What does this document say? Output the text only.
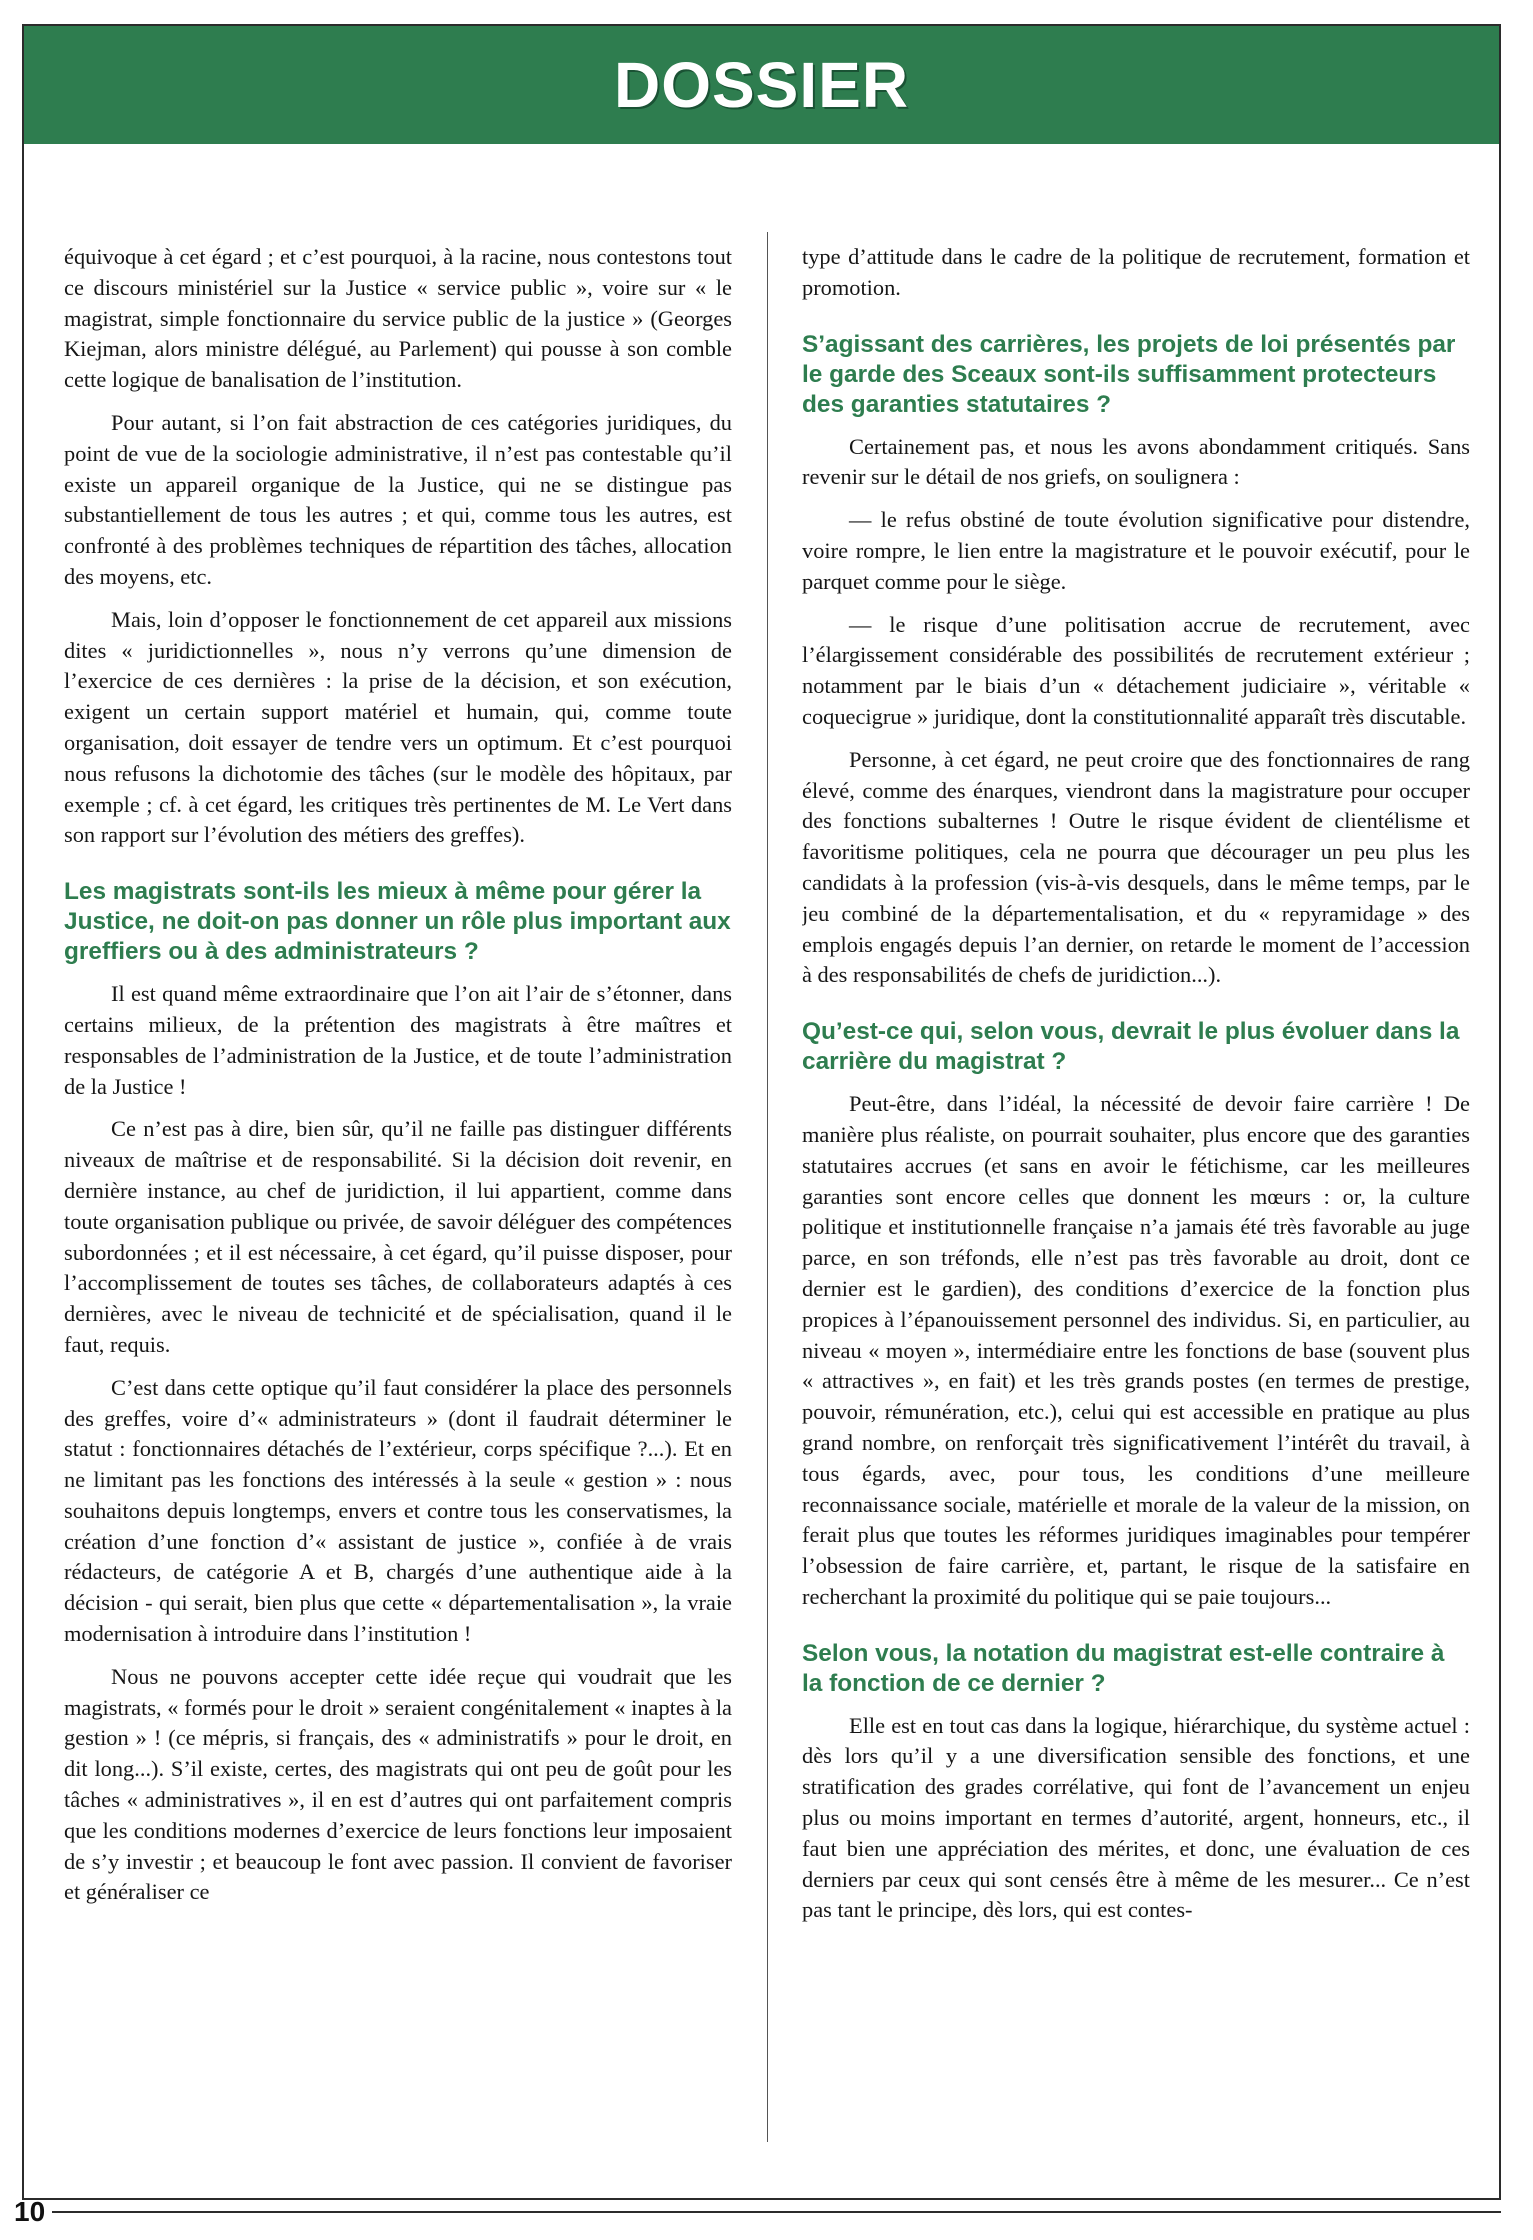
DOSSIER

équivoque à cet égard ; et c’est pourquoi, à la racine, nous contestons tout ce discours ministériel sur la Justice « service public », voire sur « le magistrat, simple fonctionnaire du service public de la justice » (Georges Kiejman, alors ministre délégué, au Parlement) qui pousse à son comble cette logique de banalisation de l’institution.

Pour autant, si l’on fait abstraction de ces catégories juridiques, du point de vue de la sociologie administrative, il n’est pas contestable qu’il existe un appareil organique de la Justice, qui ne se distingue pas substantiellement de tous les autres ; et qui, comme tous les autres, est confronté à des problèmes techniques de répartition des tâches, allocation des moyens, etc.

Mais, loin d’opposer le fonctionnement de cet appareil aux missions dites « juridictionnelles », nous n’y verrons qu’une dimension de l’exercice de ces dernières : la prise de la décision, et son exécution, exigent un certain support matériel et humain, qui, comme toute organisation, doit essayer de tendre vers un optimum. Et c’est pourquoi nous refusons la dichotomie des tâches (sur le modèle des hôpitaux, par exemple ; cf. à cet égard, les critiques très pertinentes de M. Le Vert dans son rapport sur l’évolution des métiers des greffes).

Les magistrats sont-ils les mieux à même pour gérer la Justice, ne doit-on pas donner un rôle plus important aux greffiers ou à des administrateurs ?

Il est quand même extraordinaire que l’on ait l’air de s’étonner, dans certains milieux, de la prétention des magistrats à être maîtres et responsables de l’administration de la Justice, et de toute l’administration de la Justice !

Ce n’est pas à dire, bien sûr, qu’il ne faille pas distinguer différents niveaux de maîtrise et de responsabilité. Si la décision doit revenir, en dernière instance, au chef de juridiction, il lui appartient, comme dans toute organisation publique ou privée, de savoir déléguer des compétences subordonnées ; et il est nécessaire, à cet égard, qu’il puisse disposer, pour l’accomplissement de toutes ses tâches, de collaborateurs adaptés à ces dernières, avec le niveau de technicité et de spécialisation, quand il le faut, requis.

C’est dans cette optique qu’il faut considérer la place des personnels des greffes, voire d’« administrateurs » (dont il faudrait déterminer le statut : fonctionnaires détachés de l’extérieur, corps spécifique ?...). Et en ne limitant pas les fonctions des intéressés à la seule « gestion » : nous souhaitons depuis longtemps, envers et contre tous les conservatismes, la création d’une fonction d’« assistant de justice », confiée à de vrais rédacteurs, de catégorie A et B, chargés d’une authentique aide à la décision - qui serait, bien plus que cette « départementalisation », la vraie modernisation à introduire dans l’institution !

Nous ne pouvons accepter cette idée reçue qui voudrait que les magistrats, « formés pour le droit » seraient congénitalement « inaptes à la gestion » ! (ce mépris, si français, des « administratifs » pour le droit, en dit long...). S’il existe, certes, des magistrats qui ont peu de goût pour les tâches « administratives », il en est d’autres qui ont parfaitement compris que les conditions modernes d’exercice de leurs fonctions leur imposaient de s’y investir ; et beaucoup le font avec passion. Il convient de favoriser et généraliser ce

type d’attitude dans le cadre de la politique de recrutement, formation et promotion.

S’agissant des carrières, les projets de loi présentés par le garde des Sceaux sont-ils suffisamment protecteurs des garanties statutaires ?

Certainement pas, et nous les avons abondamment critiqués. Sans revenir sur le détail de nos griefs, on soulignera :

— le refus obstiné de toute évolution significative pour distendre, voire rompre, le lien entre la magistrature et le pouvoir exécutif, pour le parquet comme pour le siège.

— le risque d’une politisation accrue de recrutement, avec l’élargissement considérable des possibilités de recrutement extérieur ; notamment par le biais d’un « détachement judiciaire », véritable « coquecigrue » juridique, dont la constitutionnalité apparaît très discutable.

Personne, à cet égard, ne peut croire que des fonctionnaires de rang élevé, comme des énarques, viendront dans la magistrature pour occuper des fonctions subalternes ! Outre le risque évident de clientélisme et favoritisme politiques, cela ne pourra que décourager un peu plus les candidats à la profession (vis-à-vis desquels, dans le même temps, par le jeu combiné de la départementalisation, et du « repyramidage » des emplois engagés depuis l’an dernier, on retarde le moment de l’accession à des responsabilités de chefs de juridiction...).

Qu’est-ce qui, selon vous, devrait le plus évoluer dans la carrière du magistrat ?

Peut-être, dans l’idéal, la nécessité de devoir faire carrière ! De manière plus réaliste, on pourrait souhaiter, plus encore que des garanties statutaires accrues (et sans en avoir le fétichisme, car les meilleures garanties sont encore celles que donnent les mœurs : or, la culture politique et institutionnelle française n’a jamais été très favorable au juge parce, en son tréfonds, elle n’est pas très favorable au droit, dont ce dernier est le gardien), des conditions d’exercice de la fonction plus propices à l’épanouissement personnel des individus. Si, en particulier, au niveau « moyen », intermédiaire entre les fonctions de base (souvent plus « attractives », en fait) et les très grands postes (en termes de prestige, pouvoir, rémunération, etc.), celui qui est accessible en pratique au plus grand nombre, on renforçait très significativement l’intérêt du travail, à tous égards, avec, pour tous, les conditions d’une meilleure reconnaissance sociale, matérielle et morale de la valeur de la mission, on ferait plus que toutes les réformes juridiques imaginables pour tempérer l’obsession de faire carrière, et, partant, le risque de la satisfaire en recherchant la proximité du politique qui se paie toujours...

Selon vous, la notation du magistrat est-elle contraire à la fonction de ce dernier ?

Elle est en tout cas dans la logique, hiérarchique, du système actuel : dès lors qu’il y a une diversification sensible des fonctions, et une stratification des grades corrélative, qui font de l’avancement un enjeu plus ou moins important en termes d’autorité, argent, honneurs, etc., il faut bien une appréciation des mérites, et donc, une évaluation de ces derniers par ceux qui sont censés être à même de les mesurer... Ce n’est pas tant le principe, dès lors, qui est contes-

10
